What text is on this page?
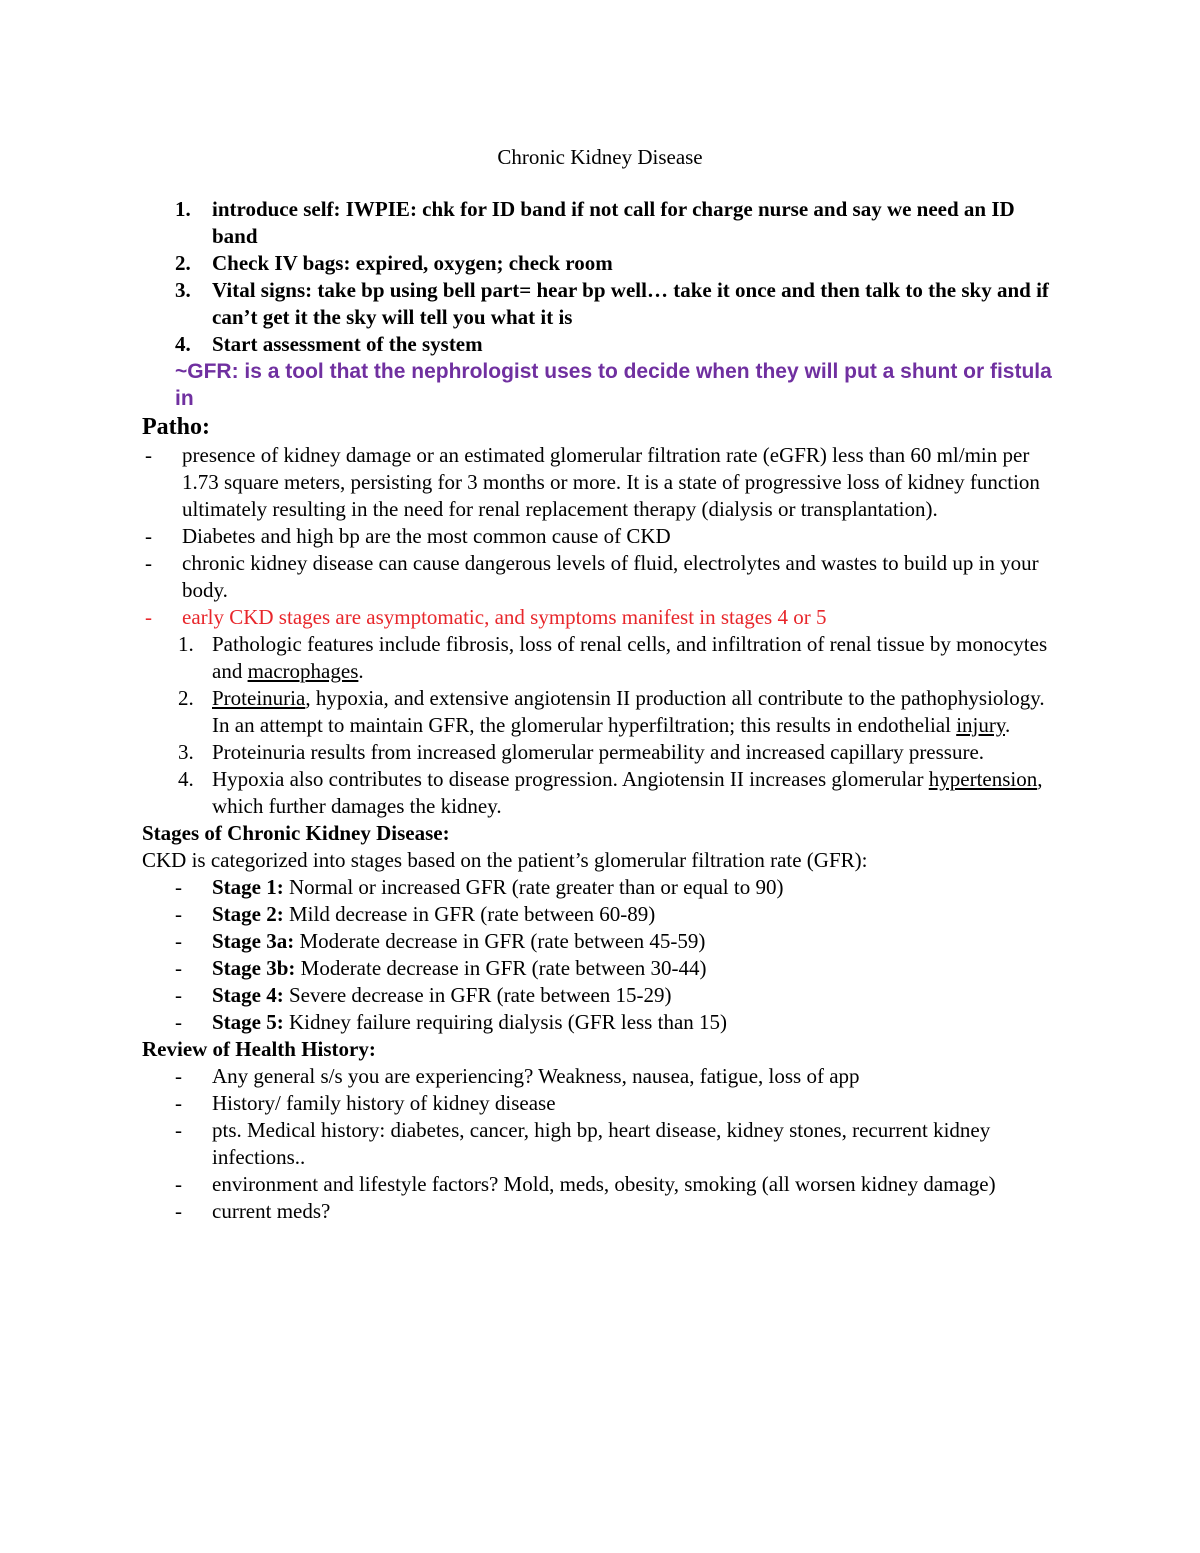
Chronic Kidney Disease
1. introduce self: IWPIE: chk for ID band if not call for charge nurse and say we need an ID band
2. Check IV bags: expired, oxygen; check room
3. Vital signs: take bp using bell part= hear bp well… take it once and then talk to the sky and if can’t get it the sky will tell you what it is
4. Start assessment of the system
~GFR: is a tool that the nephrologist uses to decide when they will put a shunt or fistula in
Patho:
- presence of kidney damage or an estimated glomerular filtration rate (eGFR) less than 60 ml/min per 1.73 square meters, persisting for 3 months or more. It is a state of progressive loss of kidney function ultimately resulting in the need for renal replacement therapy (dialysis or transplantation).
- Diabetes and high bp are the most common cause of CKD
- chronic kidney disease can cause dangerous levels of fluid, electrolytes and wastes to build up in your body.
- early CKD stages are asymptomatic, and symptoms manifest in stages 4 or 5
1. Pathologic features include fibrosis, loss of renal cells, and infiltration of renal tissue by monocytes and macrophages.
2. Proteinuria, hypoxia, and extensive angiotensin II production all contribute to the pathophysiology. In an attempt to maintain GFR, the glomerular hyperfiltration; this results in endothelial injury.
3. Proteinuria results from increased glomerular permeability and increased capillary pressure.
4. Hypoxia also contributes to disease progression. Angiotensin II increases glomerular hypertension, which further damages the kidney.
Stages of Chronic Kidney Disease:
CKD is categorized into stages based on the patient’s glomerular filtration rate (GFR):
- Stage 1: Normal or increased GFR (rate greater than or equal to 90)
- Stage 2: Mild decrease in GFR (rate between 60-89)
- Stage 3a: Moderate decrease in GFR (rate between 45-59)
- Stage 3b: Moderate decrease in GFR (rate between 30-44)
- Stage 4: Severe decrease in GFR (rate between 15-29)
- Stage 5: Kidney failure requiring dialysis (GFR less than 15)
Review of Health History:
- Any general s/s you are experiencing? Weakness, nausea, fatigue, loss of app
- History/ family history of kidney disease
- pts. Medical history: diabetes, cancer, high bp, heart disease, kidney stones, recurrent kidney infections..
- environment and lifestyle factors? Mold, meds, obesity, smoking (all worsen kidney damage)
- current meds?
